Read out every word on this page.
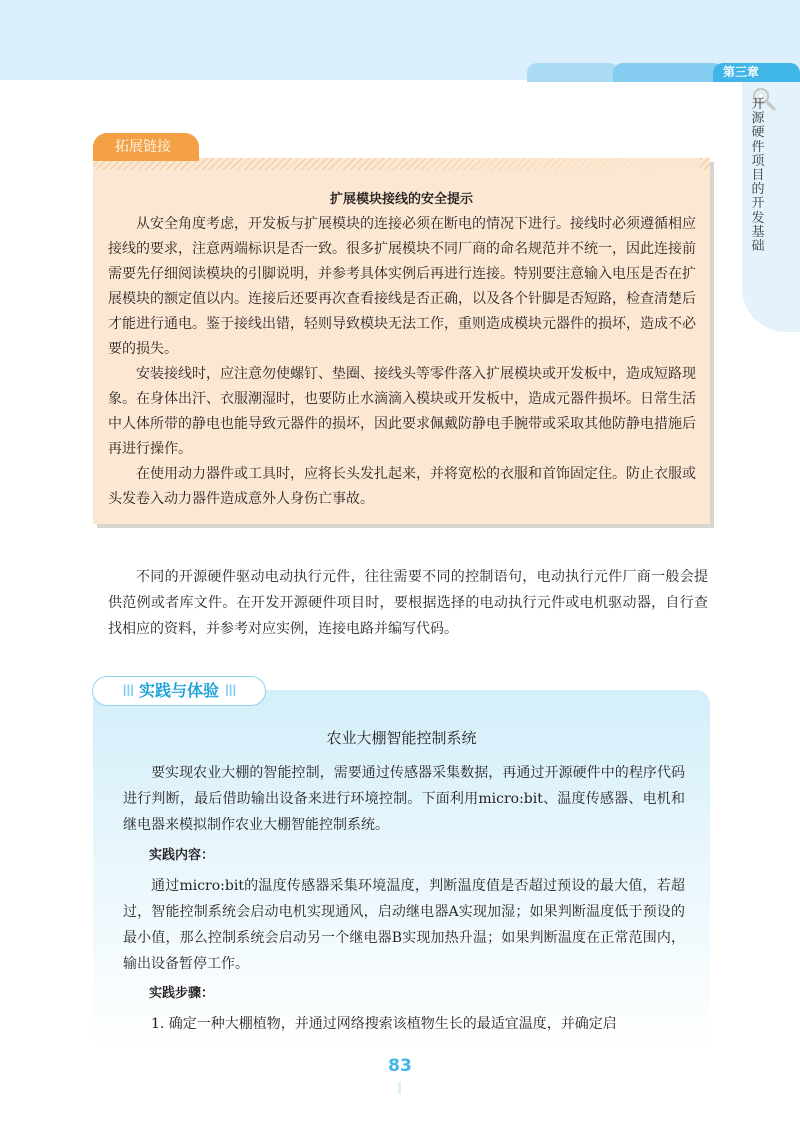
第三章
开源硬件项目的开发基础
拓展链接
扩展模块接线的安全提示

从安全角度考虑，开发板与扩展模块的连接必须在断电的情况下进行。接线时必须遵循相应接线的要求，注意两端标识是否一致。很多扩展模块不同厂商的命名规范并不统一，因此连接前需要先仔细阅读模块的引脚说明，并参考具体实例后再进行连接。特别要注意输入电压是否在扩展模块的额定值以内。连接后还要再次查看接线是否正确，以及各个针脚是否短路，检查清楚后才能进行通电。鉴于接线出错，轻则导致模块无法工作，重则造成模块元器件的损坏，造成不必要的损失。

安装接线时，应注意勿使螺钉、垫圈、接线头等零件落入扩展模块或开发板中，造成短路现象。在身体出汗、衣服潮湿时，也要防止水滴滴入模块或开发板中，造成元器件损坏。日常生活中人体所带的静电也能导致元器件的损坏，因此要求佩戴防静电手腕带或采取其他防静电措施后再进行操作。

在使用动力器件或工具时，应将长头发扎起来，并将宽松的衣服和首饰固定住。防止衣服或头发卷入动力器件造成意外人身伤亡事故。

不同的开源硬件驱动电动执行元件，往往需要不同的控制语句，电动执行元件厂商一般会提供范例或者库文件。在开发开源硬件项目时，要根据选择的电动执行元件或电机驱动器，自行查找相应的资料，并参考对应实例，连接电路并编写代码。

III 实践与体验 III
农业大棚智能控制系统

要实现农业大棚的智能控制，需要通过传感器采集数据，再通过开源硬件中的程序代码进行判断，最后借助输出设备来进行环境控制。下面利用micro:bit、温度传感器、电机和继电器来模拟制作农业大棚智能控制系统。

实践内容：

通过micro:bit的温度传感器采集环境温度，判断温度值是否超过预设的最大值，若超过，智能控制系统会启动电机实现通风，启动继电器A实现加湿；如果判断温度低于预设的最小值，那么控制系统会启动另一个继电器B实现加热升温；如果判断温度在正常范围内，输出设备暂停工作。

实践步骤：

1. 确定一种大棚植物，并通过网络搜索该植物生长的最适宜温度，并确定启

83
